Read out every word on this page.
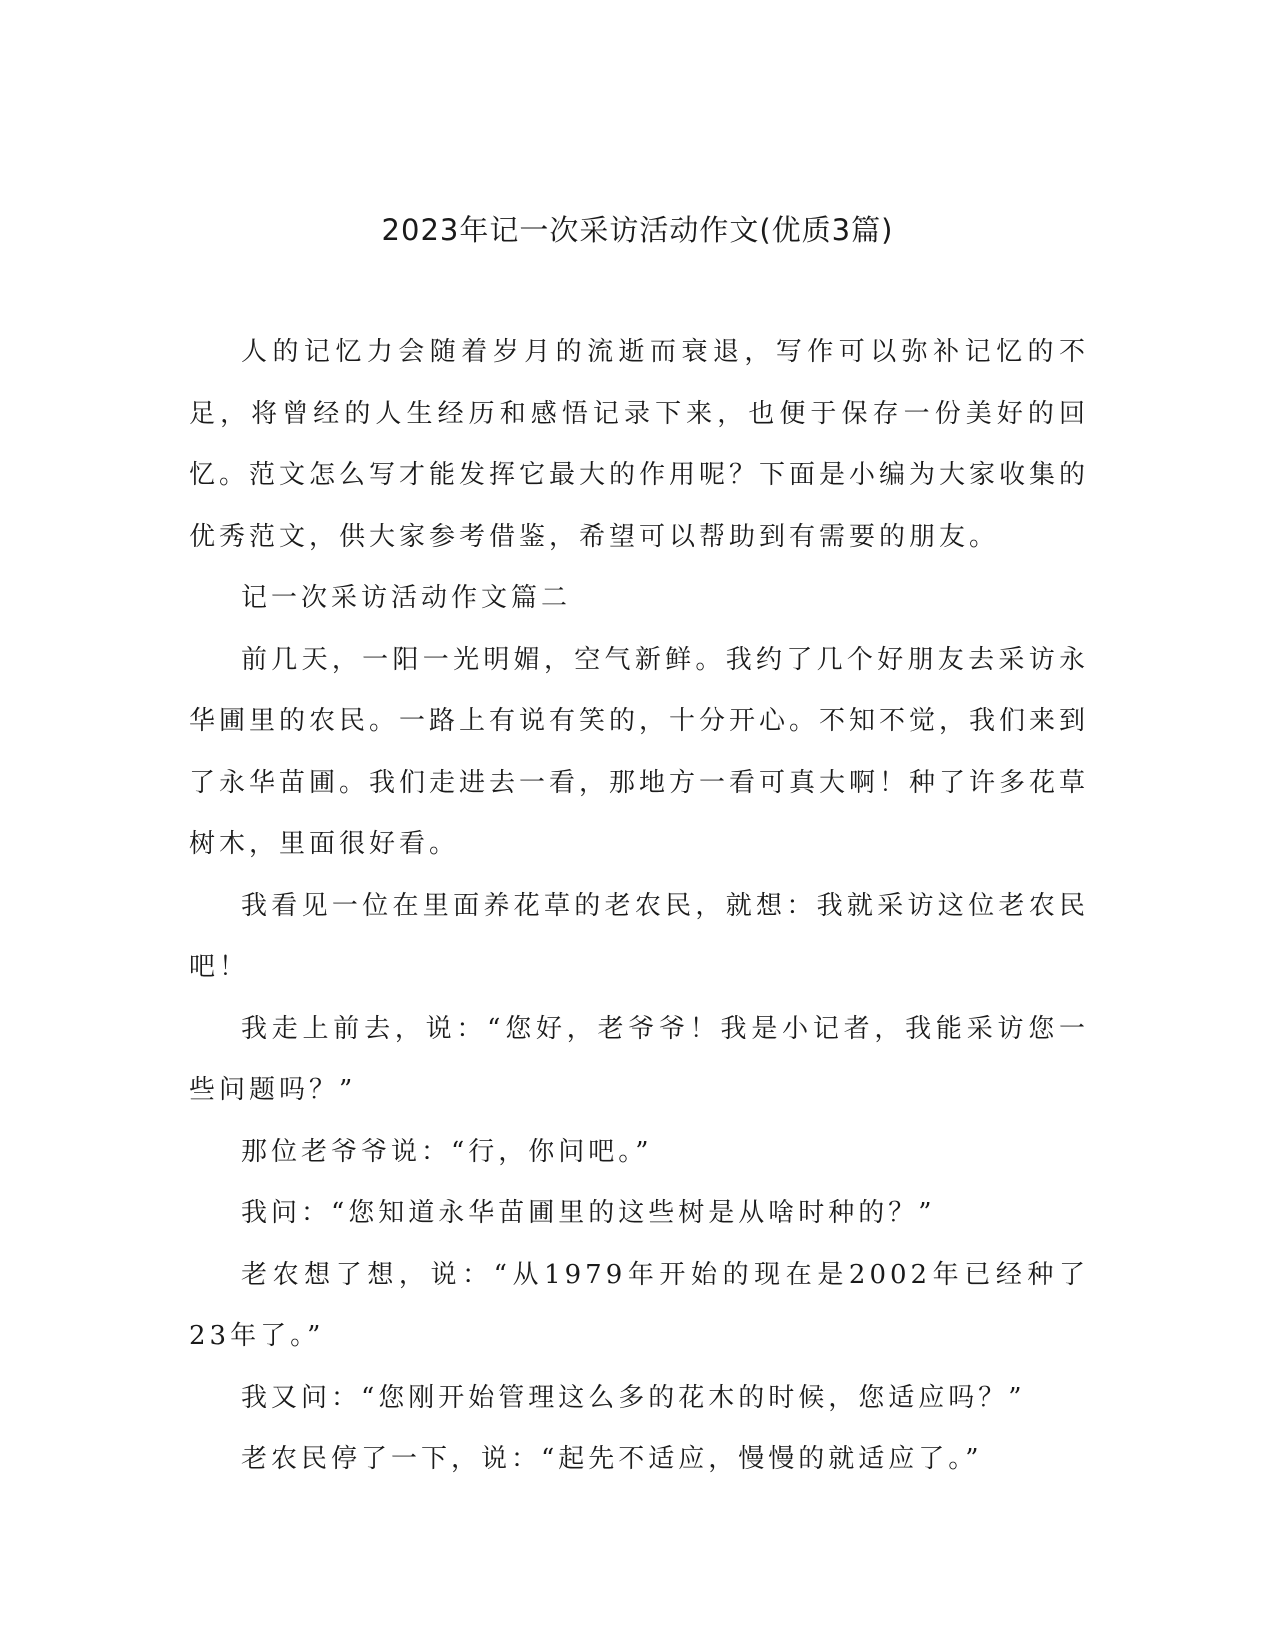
2023年记一次采访活动作文(优质3篇)

人的记忆力会随着岁月的流逝而衰退，写作可以弥补记忆的不足，将曾经的人生经历和感悟记录下来，也便于保存一份美好的回忆。范文怎么写才能发挥它最大的作用呢？下面是小编为大家收集的优秀范文，供大家参考借鉴，希望可以帮助到有需要的朋友。

记一次采访活动作文篇二

前几天，一阳一光明媚，空气新鲜。我约了几个好朋友去采访永华圃里的农民。一路上有说有笑的，十分开心。不知不觉，我们来到了永华苗圃。我们走进去一看，那地方一看可真大啊！种了许多花草树木，里面很好看。

我看见一位在里面养花草的老农民，就想：我就采访这位老农民吧！

我走上前去，说：“您好，老爷爷！我是小记者，我能采访您一些问题吗？”

那位老爷爷说：“行，你问吧。”

我问：“您知道永华苗圃里的这些树是从啥时种的？”

老农想了想，说：“从1979年开始的现在是2002年已经种了23年了。”

我又问：“您刚开始管理这么多的花木的时候，您适应吗？”

老农民停了一下，说：“起先不适应，慢慢的就适应了。”
